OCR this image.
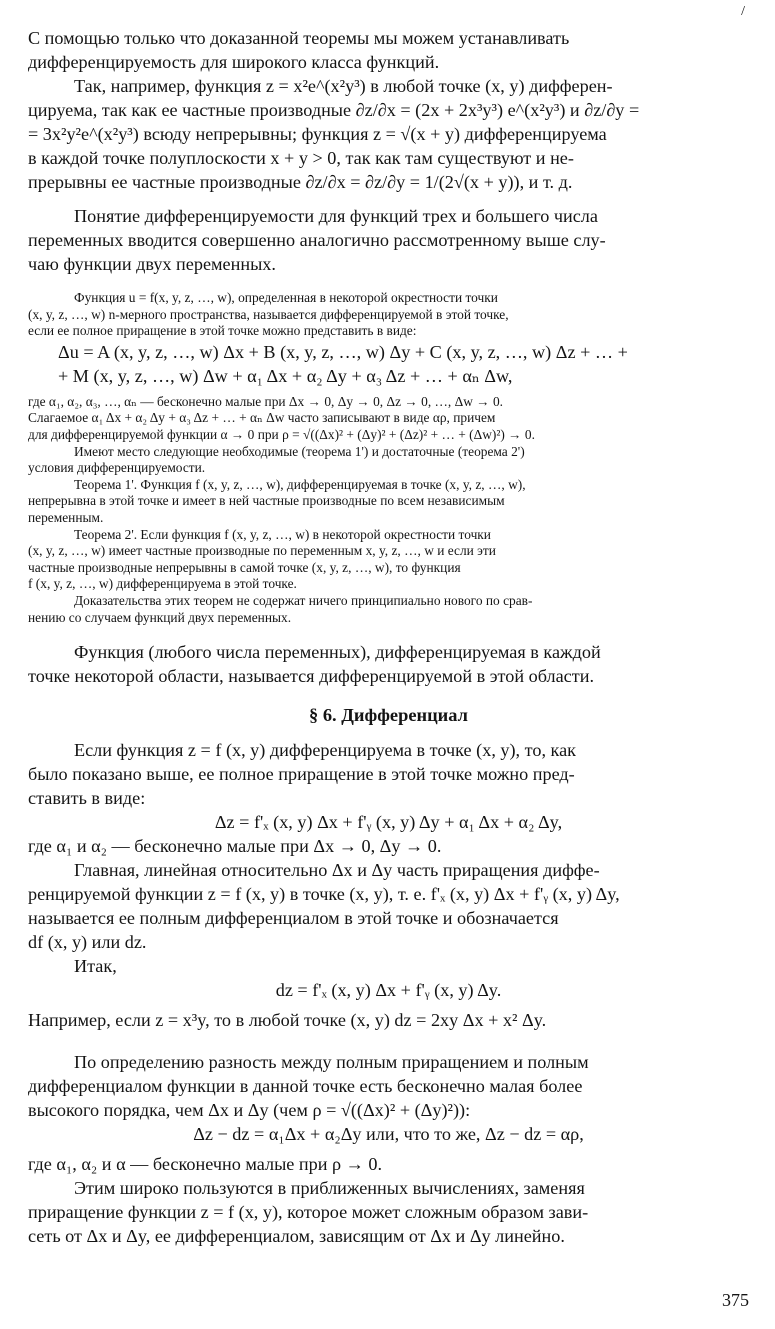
/

С помощью только что доказанной теоремы мы можем устанавливать
дифференцируемость для широкого класса функций.

Так, например, функция z = x²e^(x²y³) в любой точке (x, y) дифферен-
цируема, так как ее частные производные ∂z/∂x = (2x + 2x³y³) e^(x²y³) и ∂z/∂y =
= 3x²y²e^(x²y³) всюду непрерывны; функция z = √(x + y) дифференцируема
в каждой точке полуплоскости x + y > 0, так как там существуют и не-
прерывны ее частные производные ∂z/∂x = ∂z/∂y = 1/(2√(x + y)), и т. д.

Понятие дифференцируемости для функций трех и большего числа
переменных вводится совершенно аналогично рассмотренному выше слу-
чаю функции двух переменных.

Функция u = f(x, y, z, …, w), определенная в некоторой окрестности точки
(x, y, z, …, w) n-мерного пространства, называется дифференцируемой в этой точке,
если ее полное приращение в этой точке можно представить в виде:

Δu = A (x, y, z, …, w) Δx + B (x, y, z, …, w) Δy + C (x, y, z, …, w) Δz + … +
+ M (x, y, z, …, w) Δw + α₁ Δx + α₂ Δy + α₃ Δz + … + αₙ Δw,

где α₁, α₂, α₃, …, αₙ — бесконечно малые при Δx → 0, Δy → 0, Δz → 0, …, Δw → 0.
Слагаемое α₁ Δx + α₂ Δy + α₃ Δz + … + αₙ Δw часто записывают в виде αρ, причем
для дифференцируемой функции α → 0 при ρ = √((Δx)² + (Δy)² + (Δz)² + … + (Δw)²) → 0.

Имеют место следующие необходимые (теорема 1') и достаточные (теорема 2')
условия дифференцируемости.

Теорема 1'. Функция f (x, y, z, …, w), дифференцируемая в точке (x, y, z, …, w),
непрерывна в этой точке и имеет в ней частные производные по всем независимым
переменным.

Теорема 2'. Если функция f (x, y, z, …, w) в некоторой окрестности точки
(x, y, z, …, w) имеет частные производные по переменным x, y, z, …, w и если эти
частные производные непрерывны в самой точке (x, y, z, …, w), то функция
f (x, y, z, …, w) дифференцируема в этой точке.

Доказательства этих теорем не содержат ничего принципиально нового по срав-
нению со случаем функций двух переменных.

Функция (любого числа переменных), дифференцируемая в каждой
точке некоторой области, называется дифференцируемой в этой области.

§ 6. Дифференциал

Если функция z = f (x, y) дифференцируема в точке (x, y), то, как
было показано выше, ее полное приращение в этой точке можно пред-
ставить в виде:

Δz = f'ₓ (x, y) Δx + f'ᵧ (x, y) Δy + α₁ Δx + α₂ Δy,

где α₁ и α₂ — бесконечно малые при Δx → 0, Δy → 0.

Главная, линейная относительно Δx и Δy часть приращения диффе-
ренцируемой функции z = f (x, y) в точке (x, y), т. е. f'ₓ (x, y) Δx + f'ᵧ (x, y) Δy,
называется ее полным дифференциалом в этой точке и обозначается
df (x, y) или dz.

Итак,

dz = f'ₓ (x, y) Δx + f'ᵧ (x, y) Δy.

Например, если z = x³y, то в любой точке (x, y) dz = 2xy Δx + x² Δy.

По определению разность между полным приращением и полным
дифференциалом функции в данной точке есть бесконечно малая более
высокого порядка, чем Δx и Δy (чем ρ = √((Δx)² + (Δy)²)):

Δz − dz = α₁Δx + α₂Δy или, что то же, Δz − dz = αρ,

где α₁, α₂ и α — бесконечно малые при ρ → 0.

Этим широко пользуются в приближенных вычислениях, заменяя
приращение функции z = f (x, y), которое может сложным образом зави-
сеть от Δx и Δy, ее дифференциалом, зависящим от Δx и Δy линейно.

375
